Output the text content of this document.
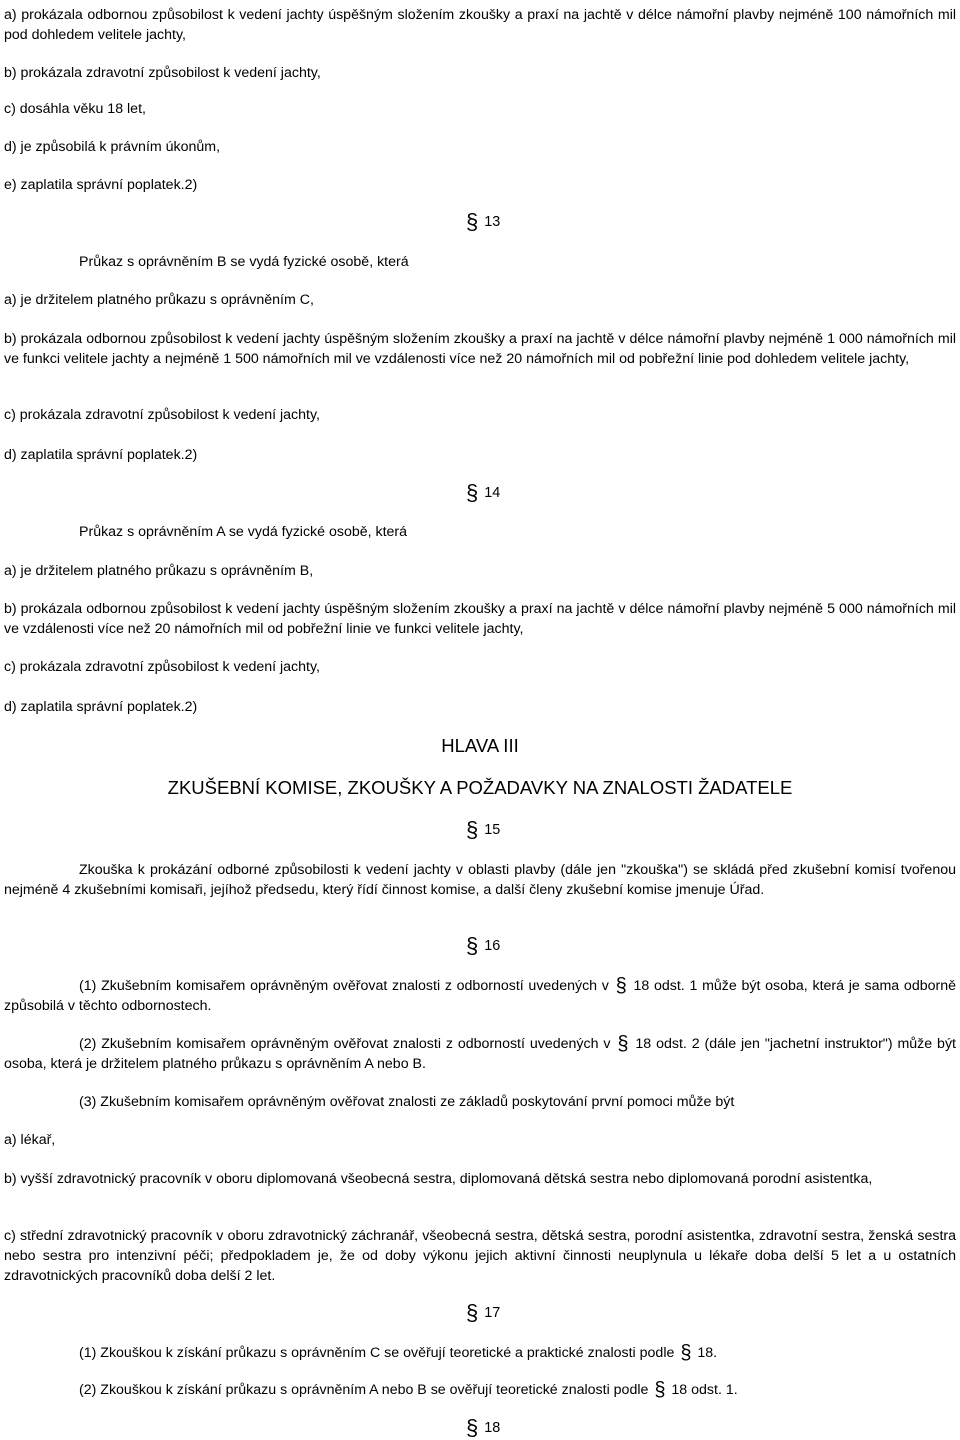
a) prokázala odbornou způsobilost k vedení jachty úspěšným složením zkoušky a praxí na jachtě v délce námořní plavby nejméně 100 námořních mil pod dohledem velitele jachty,

b) prokázala zdravotní způsobilost k vedení jachty,

c) dosáhla věku 18 let,

d) je způsobilá k právním úkonům,

e) zaplatila správní poplatek.2)

§ 13

Průkaz s oprávněním B se vydá fyzické osobě, která

a) je držitelem platného průkazu s oprávněním C,

b) prokázala odbornou způsobilost k vedení jachty úspěšným složením zkoušky a praxí na jachtě v délce námořní plavby nejméně 1 000 námořních mil ve funkci velitele jachty a nejméně 1 500 námořních mil ve vzdálenosti více než 20 námořních mil od pobřežní linie pod dohledem velitele jachty,

c) prokázala zdravotní způsobilost k vedení jachty,

d) zaplatila správní poplatek.2)

§ 14

Průkaz s oprávněním A se vydá fyzické osobě, která

a) je držitelem platného průkazu s oprávněním B,

b) prokázala odbornou způsobilost k vedení jachty úspěšným složením zkoušky a praxí na jachtě v délce námořní plavby nejméně 5 000 námořních mil ve vzdálenosti více než 20 námořních mil od pobřežní linie ve funkci velitele jachty,

c) prokázala zdravotní způsobilost k vedení jachty,

d) zaplatila správní poplatek.2)

HLAVA III

ZKUŠEBNÍ KOMISE, ZKOUŠKY A POŽADAVKY NA ZNALOSTI ŽADATELE

§ 15

Zkouška k prokázání odborné způsobilosti k vedení jachty v oblasti plavby (dále jen "zkouška") se skládá před zkušební komisí tvořenou nejméně 4 zkušebními komisaři, jejíhož předsedu, který řídí činnost komise, a další členy zkušební komise jmenuje Úřad.

§ 16

(1) Zkušebním komisařem oprávněným ověřovat znalosti z odborností uvedených v § 18 odst. 1 může být osoba, která je sama odborně způsobilá v těchto odbornostech.

(2) Zkušebním komisařem oprávněným ověřovat znalosti z odborností uvedených v § 18 odst. 2 (dále jen "jachetní instruktor") může být osoba, která je držitelem platného průkazu s oprávněním A nebo B.

(3) Zkušebním komisařem oprávněným ověřovat znalosti ze základů poskytování první pomoci může být

a) lékař,

b) vyšší zdravotnický pracovník v oboru diplomovaná všeobecná sestra, diplomovaná dětská sestra nebo diplomovaná porodní asistentka,

c) střední zdravotnický pracovník v oboru zdravotnický záchranář, všeobecná sestra, dětská sestra, porodní asistentka, zdravotní sestra, ženská sestra nebo sestra pro intenzivní péči; předpokladem je, že od doby výkonu jejich aktivní činnosti neuplynula u lékaře doba delší 5 let a u ostatních zdravotnických pracovníků doba delší 2 let.

§ 17

(1) Zkouškou k získání průkazu s oprávněním C se ověřují teoretické a praktické znalosti podle § 18.

(2) Zkouškou k získání průkazu s oprávněním A nebo B se ověřují teoretické znalosti podle § 18 odst. 1.

§ 18
